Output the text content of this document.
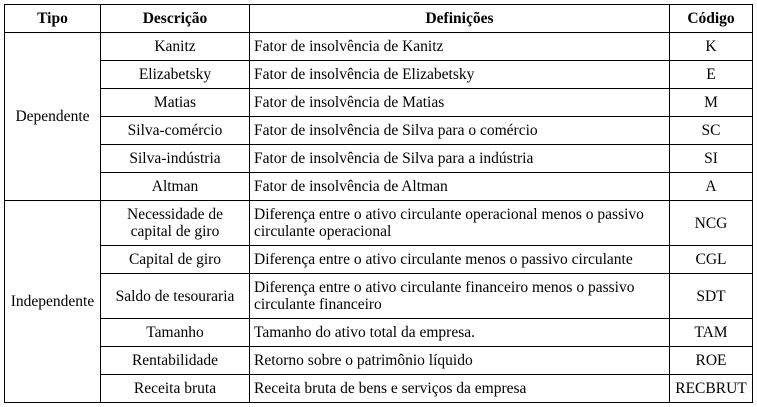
Tipo	Descrição	Definições	Código
Dependente	Kanitz	Fator de insolvência de Kanitz	K
	Elizabetsky	Fator de insolvência de Elizabetsky	E
	Matias	Fator de insolvência de Matias	M
	Silva-comércio	Fator de insolvência de Silva para o comércio	SC
	Silva-indústria	Fator de insolvência de Silva para a indústria	SI
	Altman	Fator de insolvência de Altman	A
Independente	Necessidade de capital de giro	Diferença entre o ativo circulante operacional menos o passivo circulante operacional	NCG
	Capital de giro	Diferença entre o ativo circulante menos o passivo circulante	CGL
	Saldo de tesouraria	Diferença entre o ativo circulante financeiro menos o passivo circulante financeiro	SDT
	Tamanho	Tamanho do ativo total da empresa.	TAM
	Rentabilidade	Retorno sobre o patrimônio líquido	ROE
	Receita bruta	Receita bruta de bens e serviços da empresa	RECBRUT
